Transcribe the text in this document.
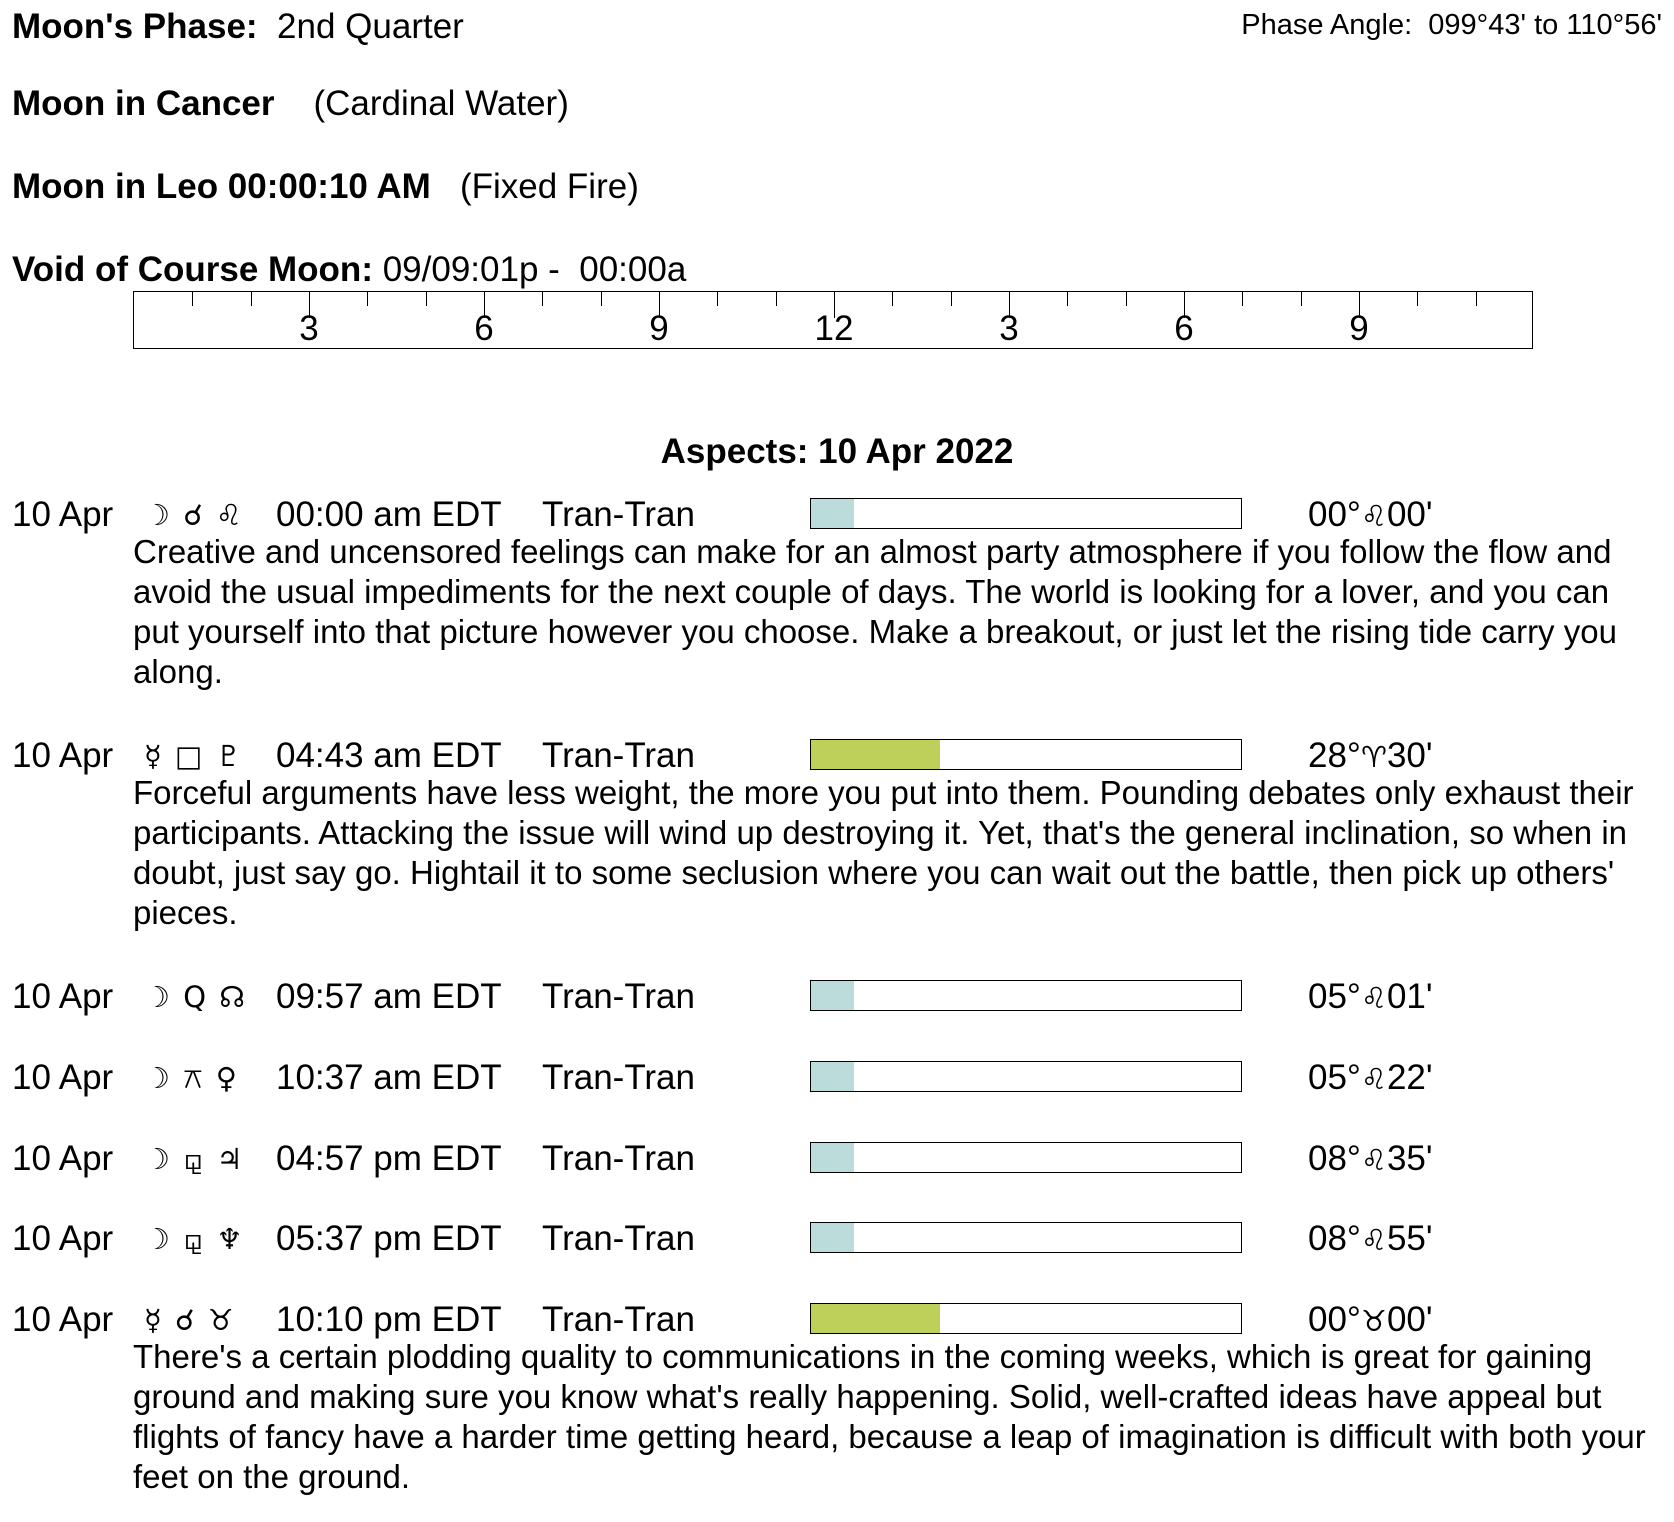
Moon's Phase: 2nd Quarter	Phase Angle: 099°43' to 110°56'
Moon in Cancer (Cardinal Water)
Moon in Leo 00:00:10 AM (Fixed Fire)
Void of Course Moon: 09/09:01p -  00:00a
3	6	9	12	3	6	9
Aspects: 10 Apr 2022
10 Apr ☽ ☌ ♌ 00:00 am EDT Tran-Tran	00°♌00'
Creative and uncensored feelings can make for an almost party atmosphere if you follow the flow and avoid the usual impediments for the next couple of days. The world is looking for a lover, and you can put yourself into that picture however you choose. Make a breakout, or just let the rising tide carry you along.
10 Apr ☿ □ ♇ 04:43 am EDT Tran-Tran	28°♈30'
Forceful arguments have less weight, the more you put into them. Pounding debates only exhaust their participants. Attacking the issue will wind up destroying it. Yet, that's the general inclination, so when in doubt, just say go. Hightail it to some seclusion where you can wait out the battle, then pick up others' pieces.
10 Apr ☽ Q ☊ 09:57 am EDT Tran-Tran	05°♌01'
10 Apr ☽ ⚻ ♀ 10:37 am EDT Tran-Tran	05°♌22'
10 Apr ☽ ⚼ ♃ 04:57 pm EDT Tran-Tran	08°♌35'
10 Apr ☽ ⚼ ♆ 05:37 pm EDT Tran-Tran	08°♌55'
10 Apr ☿ ☌ ♉ 10:10 pm EDT Tran-Tran	00°♉00'
There's a certain plodding quality to communications in the coming weeks, which is great for gaining ground and making sure you know what's really happening. Solid, well-crafted ideas have appeal but flights of fancy have a harder time getting heard, because a leap of imagination is difficult with both your feet on the ground.
